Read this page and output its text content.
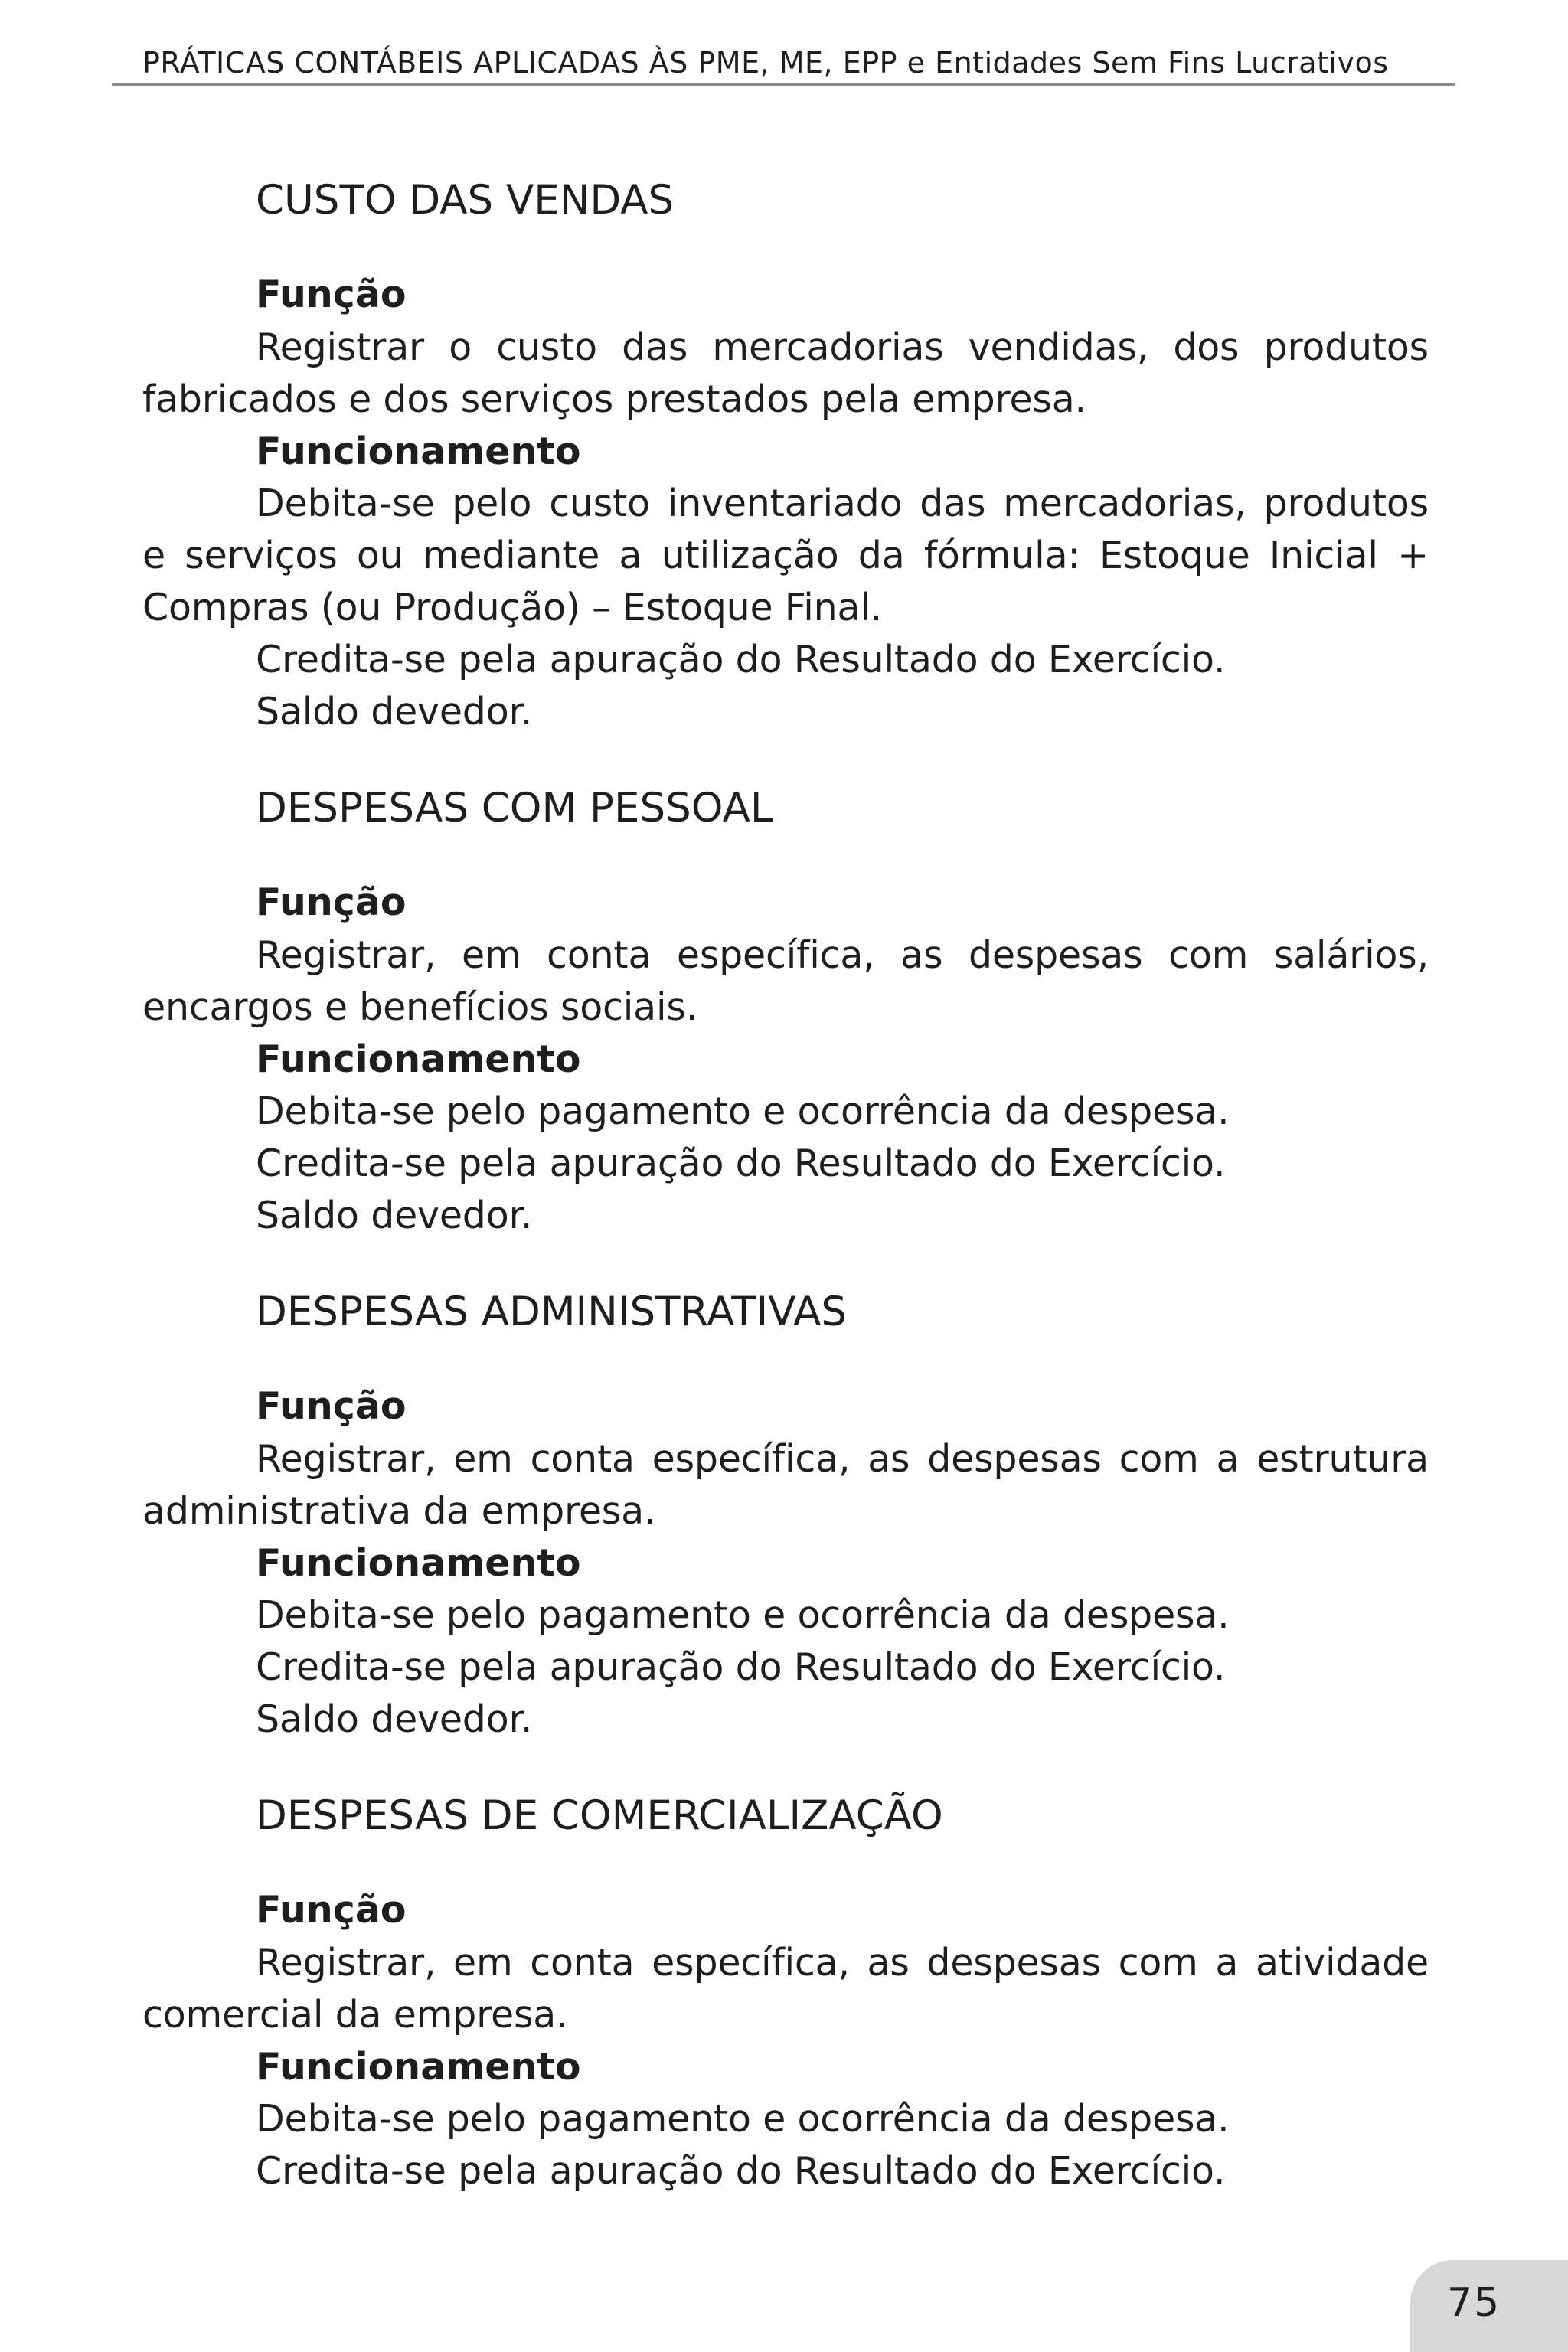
PRÁTICAS CONTÁBEIS APLICADAS ÀS PME, ME, EPP e Entidades Sem Fins Lucrativos
CUSTO DAS VENDAS

Função

Registrar o custo das mercadorias vendidas, dos produtos fabricados e dos serviços prestados pela empresa.

Funcionamento

Debita-se pelo custo inventariado das mercadorias, produtos e serviços ou mediante a utilização da fórmula: Estoque Inicial + Compras (ou Produção) – Estoque Final.

Credita-se pela apuração do Resultado do Exercício.

Saldo devedor.

DESPESAS COM PESSOAL

Função

Registrar, em conta específica, as despesas com salários, encargos e benefícios sociais.

Funcionamento

Debita-se pelo pagamento e ocorrência da despesa.

Credita-se pela apuração do Resultado do Exercício.

Saldo devedor.

DESPESAS ADMINISTRATIVAS

Função

Registrar, em conta específica, as despesas com a estrutura administrativa da empresa.

Funcionamento

Debita-se pelo pagamento e ocorrência da despesa.

Credita-se pela apuração do Resultado do Exercício.

Saldo devedor.

DESPESAS DE COMERCIALIZAÇÃO

Função

Registrar, em conta específica, as despesas com a atividade comercial da empresa.

Funcionamento

Debita-se pelo pagamento e ocorrência da despesa.

Credita-se pela apuração do Resultado do Exercício.

75
